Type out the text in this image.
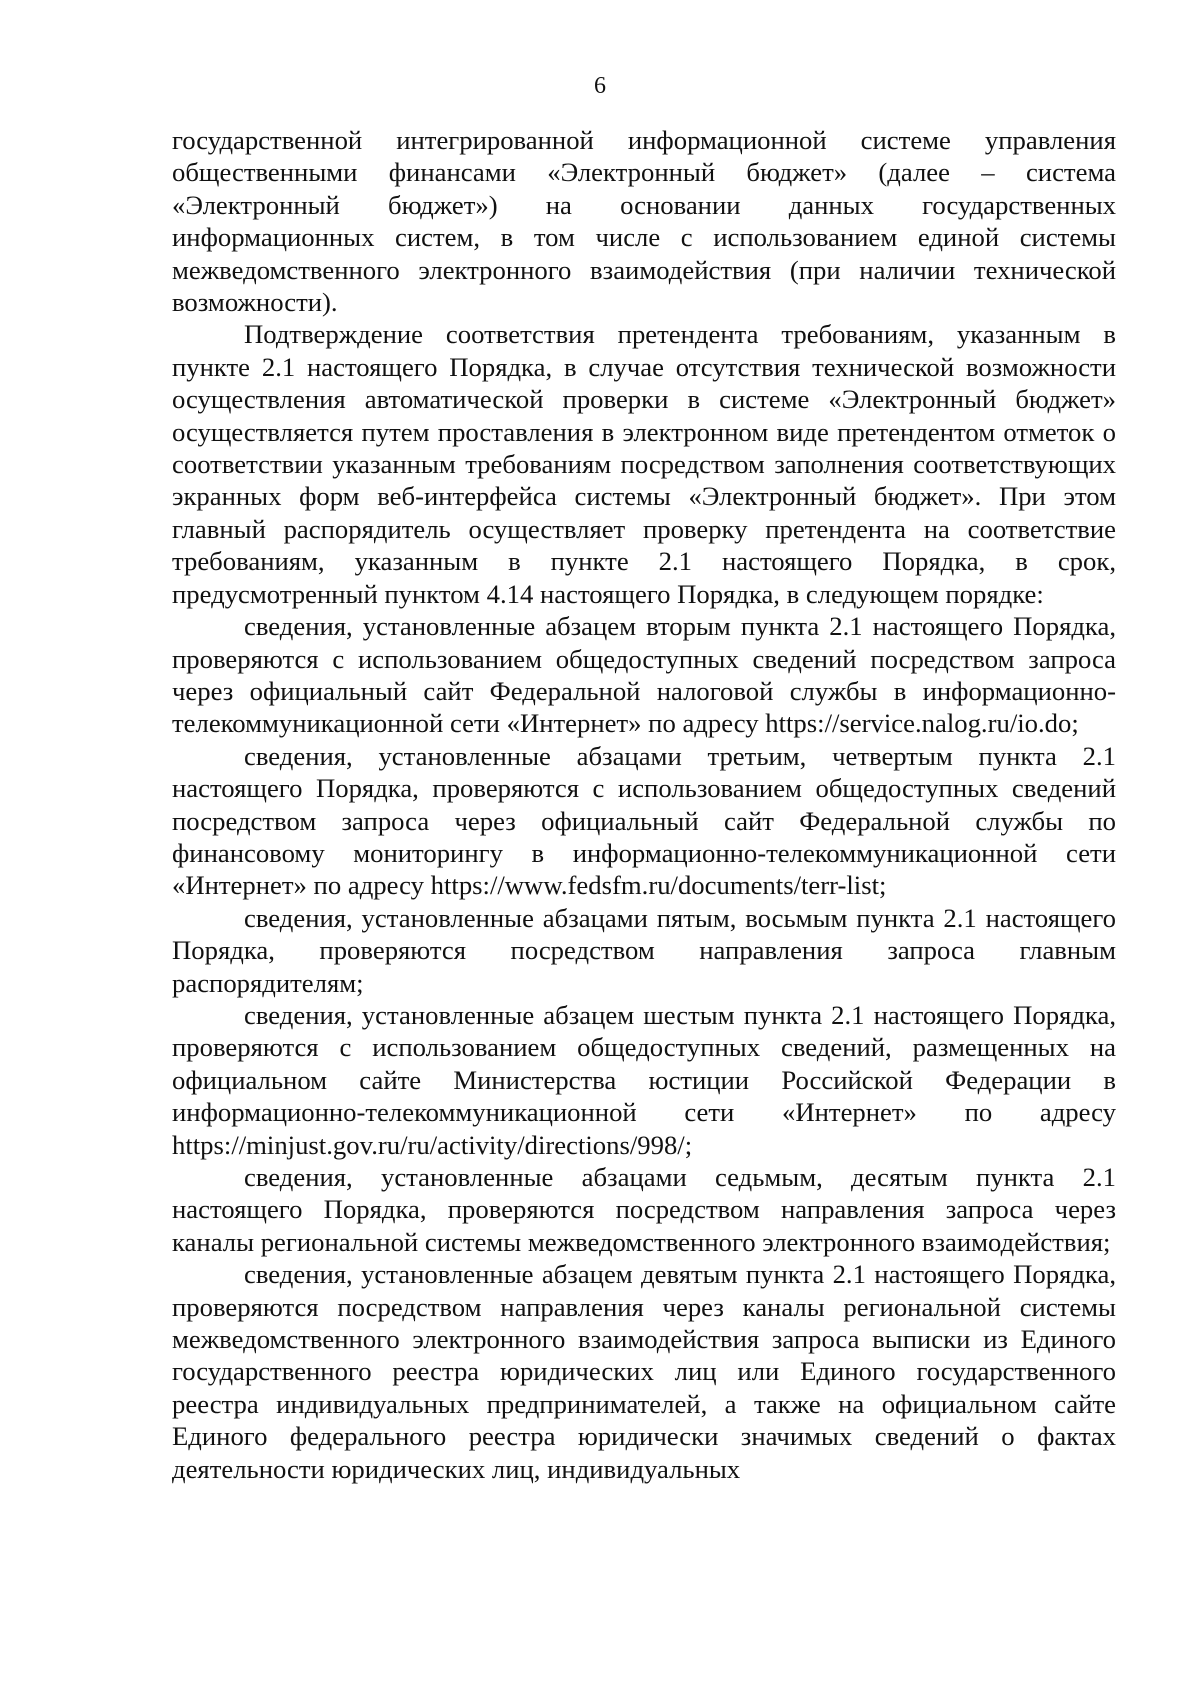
6

государственной интегрированной информационной системе управления общественными финансами «Электронный бюджет» (далее – система «Электронный бюджет») на основании данных государственных информационных систем, в том числе с использованием единой системы межведомственного электронного взаимодействия (при наличии технической возможности).

Подтверждение соответствия претендента требованиям, указанным в пункте 2.1 настоящего Порядка, в случае отсутствия технической возможности осуществления автоматической проверки в системе «Электронный бюджет» осуществляется путем проставления в электронном виде претендентом отметок о соответствии указанным требованиям посредством заполнения соответствующих экранных форм веб-интерфейса системы «Электронный бюджет». При этом главный распорядитель осуществляет проверку претендента на соответствие требованиям, указанным в пункте 2.1 настоящего Порядка, в срок, предусмотренный пунктом 4.14 настоящего Порядка, в следующем порядке:

сведения, установленные абзацем вторым пункта 2.1 настоящего Порядка, проверяются с использованием общедоступных сведений посредством запроса через официальный сайт Федеральной налоговой службы в информационно-телекоммуникационной сети «Интернет» по адресу https://service.nalog.ru/io.do;

сведения, установленные абзацами третьим, четвертым пункта 2.1 настоящего Порядка, проверяются с использованием общедоступных сведений посредством запроса через официальный сайт Федеральной службы по финансовому мониторингу в информационно-телекоммуникационной сети «Интернет» по адресу https://www.fedsfm.ru/documents/terr-list;

сведения, установленные абзацами пятым, восьмым пункта 2.1 настоящего Порядка, проверяются посредством направления запроса главным распорядителям;

сведения, установленные абзацем шестым пункта 2.1 настоящего Порядка, проверяются с использованием общедоступных сведений, размещенных на официальном сайте Министерства юстиции Российской Федерации в информационно-телекоммуникационной сети «Интернет» по адресу https://minjust.gov.ru/ru/activity/directions/998/;

сведения, установленные абзацами седьмым, десятым пункта 2.1 настоящего Порядка, проверяются посредством направления запроса через каналы региональной системы межведомственного электронного взаимодействия;

сведения, установленные абзацем девятым пункта 2.1 настоящего Порядка, проверяются посредством направления через каналы региональной системы межведомственного электронного взаимодействия запроса выписки из Единого государственного реестра юридических лиц или Единого государственного реестра индивидуальных предпринимателей, а также на официальном сайте Единого федерального реестра юридически значимых сведений о фактах деятельности юридических лиц, индивидуальных
